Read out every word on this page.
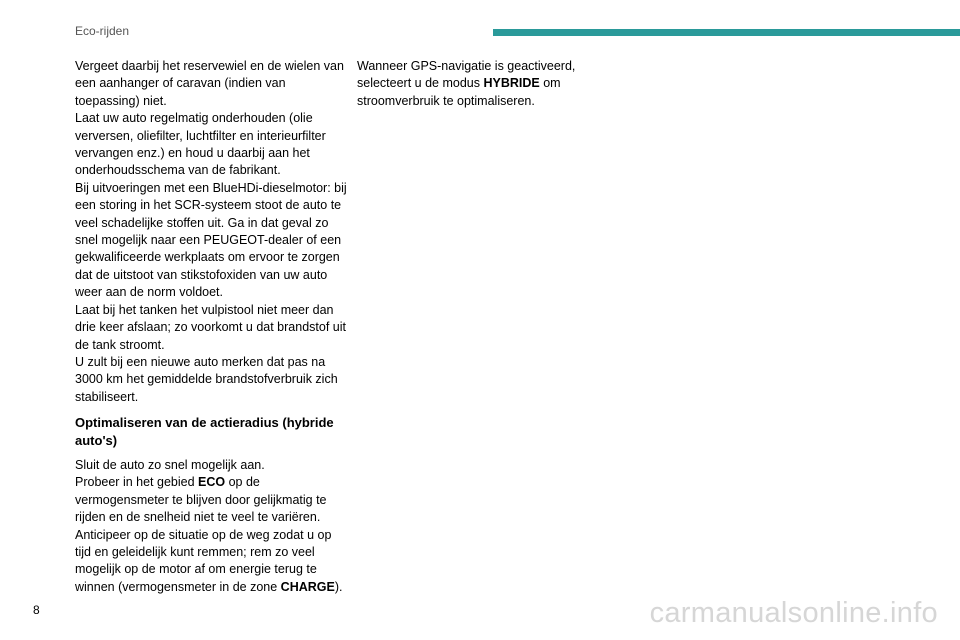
Eco-rijden

Vergeet daarbij het reservewiel en de wielen van een aanhanger of caravan (indien van toepassing) niet.

Laat uw auto regelmatig onderhouden (olie verversen, oliefilter, luchtfilter en interieurfilter vervangen enz.) en houd u daarbij aan het onderhoudsschema van de fabrikant.

Bij uitvoeringen met een BlueHDi-dieselmotor: bij een storing in het SCR-systeem stoot de auto te veel schadelijke stoffen uit. Ga in dat geval zo snel mogelijk naar een PEUGEOT-dealer of een gekwalificeerde werkplaats om ervoor te zorgen dat de uitstoot van stikstofoxiden van uw auto weer aan de norm voldoet.

Laat bij het tanken het vulpistool niet meer dan drie keer afslaan; zo voorkomt u dat brandstof uit de tank stroomt.

U zult bij een nieuwe auto merken dat pas na 3000 km het gemiddelde brandstofverbruik zich stabiliseert.

Optimaliseren van de actieradius (hybride auto's)

Sluit de auto zo snel mogelijk aan.

Probeer in het gebied ECO op de vermogensmeter te blijven door gelijkmatig te rijden en de snelheid niet te veel te variëren.

Anticipeer op de situatie op de weg zodat u op tijd en geleidelijk kunt remmen; rem zo veel mogelijk op de motor af om energie terug te winnen (vermogensmeter in de zone CHARGE).

Wanneer GPS-navigatie is geactiveerd, selecteert u de modus HYBRIDE om stroomverbruik te optimaliseren.

8	carmanualsonline.info
